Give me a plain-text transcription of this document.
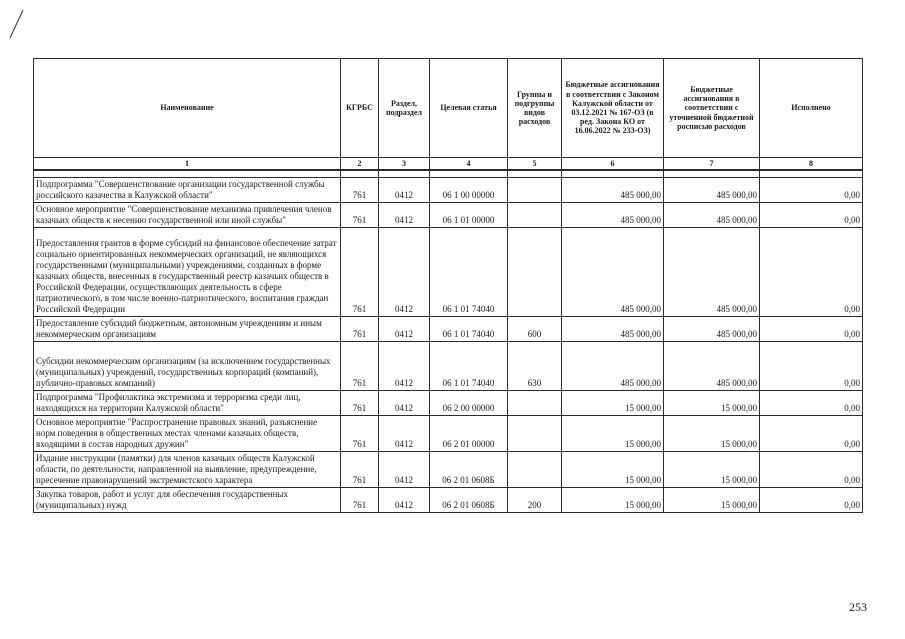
Наименование	КГРБС	Раздел, подраздел	Целевая статья	Группы и подгруппы видов расходов	Бюджетные ассигнования в соответствии с Законом Калужской области от 03.12.2021 № 167-ОЗ (в ред. Закона КО от 16.06.2022 № 233-ОЗ)	Бюджетные ассигнования в соответствии с уточненной бюджетной росписью расходов	Исполнено
1	2	3	4	5	6	7	8

Подпрограмма "Совершенствование организации государственной службы российского казачества в Калужской области"	761	0412	06 1 00 00000		485 000,00	485 000,00	0,00
Основное мероприятие "Совершенствование механизма привлечения членов казачьих обществ к несению государственной или иной службы"	761	0412	06 1 01 00000		485 000,00	485 000,00	0,00
Предоставления грантов в форме субсидий на финансовое обеспечение затрат социально ориентированных некоммерческих организаций, не являющихся государственными (муниципальными) учреждениями, созданных в форме казачьих обществ, внесенных в государственный реестр казачьих обществ в Российской Федерации, осуществляющих деятельность в сфере патриотического, в том числе военно-патриотического, воспитания граждан Российской Федерации	761	0412	06 1 01 74040		485 000,00	485 000,00	0,00
Предоставление субсидий бюджетным, автономным учреждениям и иным некоммерческим организациям	761	0412	06 1 01 74040	600	485 000,00	485 000,00	0,00
Субсидии некоммерческим организациям (за исключением государственных (муниципальных) учреждений, государственных корпораций (компаний), публично-правовых компаний)	761	0412	06 1 01 74040	630	485 000,00	485 000,00	0,00
Подпрограмма "Профилактика экстремизма и терроризма среди лиц, находящихся на территории Калужской области"	761	0412	06 2 00 00000		15 000,00	15 000,00	0,00
Основное мероприятие "Распространение правовых знаний, разъяснение норм поведения в общественных местах членами казачьих обществ, входящими в состав народных дружин"	761	0412	06 2 01 00000		15 000,00	15 000,00	0,00
Издание инструкции (памятки) для членов казачьих обществ Калужской области, по деятельности, направленной на выявление, предупреждение, пресечение правонарушений экстремистского характера	761	0412	06 2 01 0608Б		15 000,00	15 000,00	0,00
Закупка товаров, работ и услуг для обеспечения государственных (муниципальных) нужд	761	0412	06 2 01 0608Б	200	15 000,00	15 000,00	0,00
253
